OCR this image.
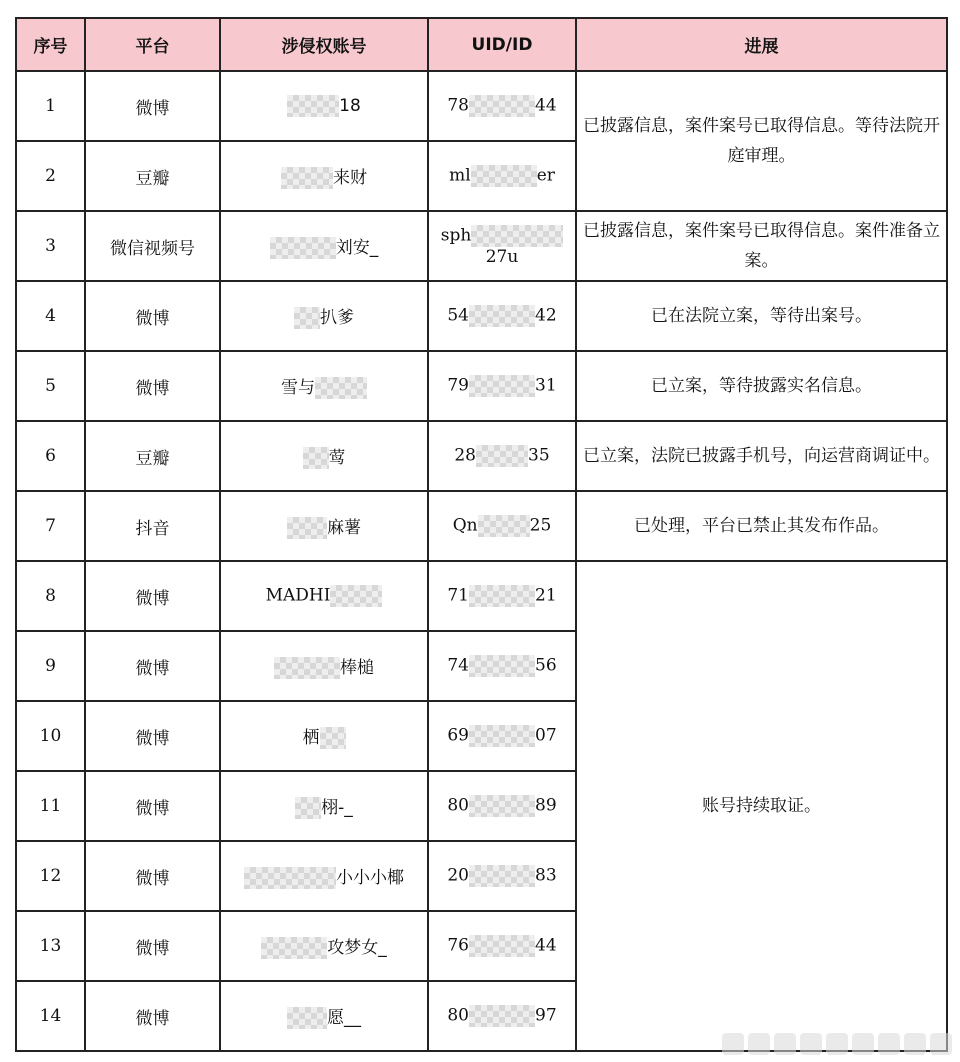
序号	平台	涉侵权账号	UID/ID	进展
1	微博	18	78 44	已披露信息，案件案号已取得信息。等待法院开庭审理。
2	豆瓣	来财	ml er	
3	微信视频号	刘安_	sph27u	已披露信息，案件案号已取得信息。案件准备立案。
4	微博	扒爹	54 42	已在法院立案，等待出案号。
5	微博	雪与	79 31	已立案，等待披露实名信息。
6	豆瓣	莺	28 35	已立案，法院已披露手机号，向运营商调证中。
7	抖音	麻薯	Qn 25	已处理，平台已禁止其发布作品。
8	微博	MADHI	71 21	账号持续取证。
9	微博	棒槌	74 56	
10	微博	栖	69 07	
11	微博	栩-_	80 89	
12	微博	小小小椰	20 83	
13	微博	攻梦女_	76 44	
14	微博	愿__	80 97	
